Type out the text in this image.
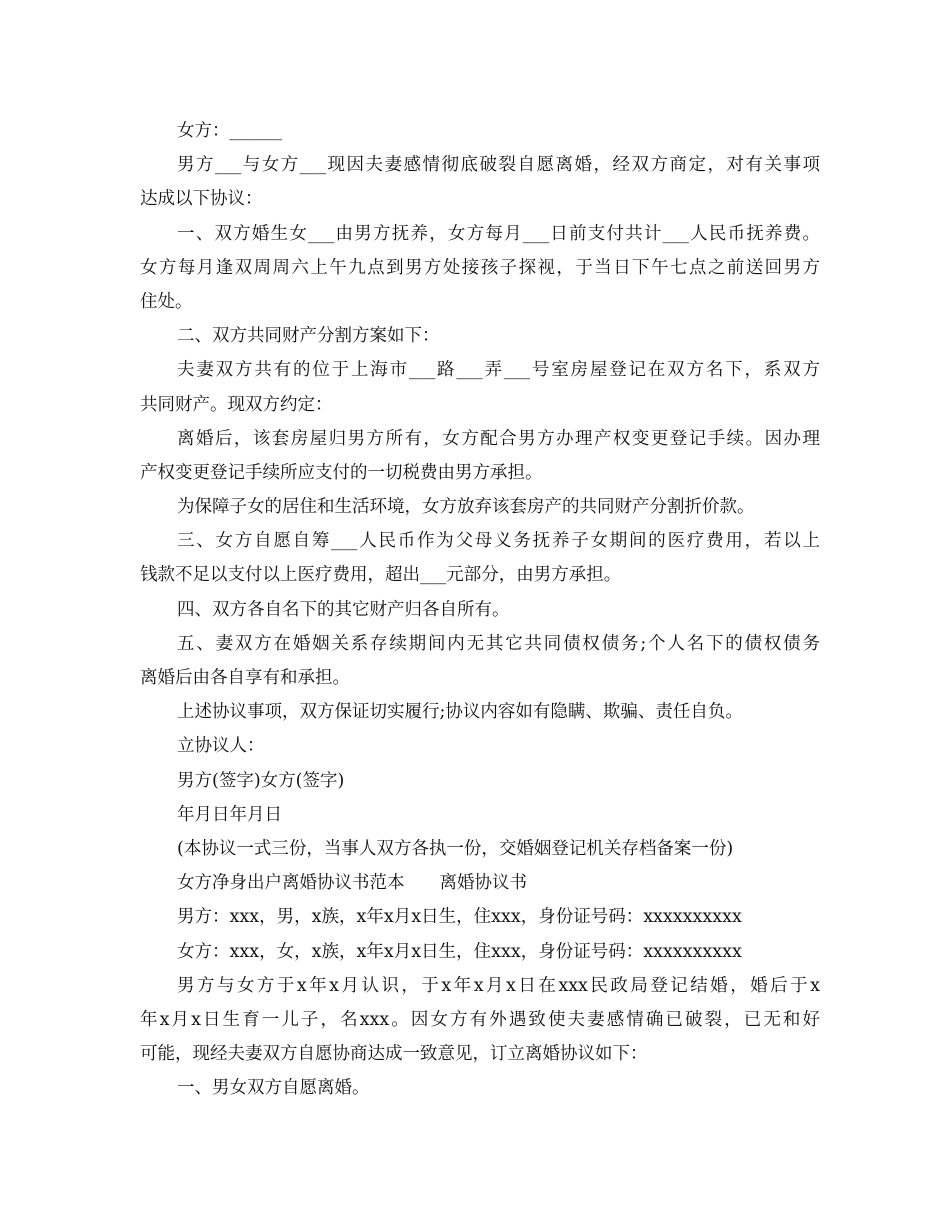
女方：______
男方___与女方___现因夫妻感情彻底破裂自愿离婚，经双方商定，对有关事项
达成以下协议：
一、双方婚生女___由男方抚养，女方每月___日前支付共计___人民币抚养费。
女方每月逢双周周六上午九点到男方处接孩子探视，于当日下午七点之前送回男方
住处。
二、双方共同财产分割方案如下：
夫妻双方共有的位于上海市___路___弄___号室房屋登记在双方名下，系双方
共同财产。现双方约定：
离婚后，该套房屋归男方所有，女方配合男方办理产权变更登记手续。因办理
产权变更登记手续所应支付的一切税费由男方承担。
为保障子女的居住和生活环境，女方放弃该套房产的共同财产分割折价款。
三、女方自愿自筹___人民币作为父母义务抚养子女期间的医疗费用，若以上
钱款不足以支付以上医疗费用，超出___元部分，由男方承担。
四、双方各自名下的其它财产归各自所有。
五、妻双方在婚姻关系存续期间内无其它共同债权债务;个人名下的债权债务
离婚后由各自享有和承担。
上述协议事项，双方保证切实履行;协议内容如有隐瞒、欺骗、责任自负。
立协议人：
男方(签字)女方(签字)
年月日年月日
(本协议一式三份，当事人双方各执一份，交婚姻登记机关存档备案一份)
女方净身出户离婚协议书范本　　离婚协议书
男方：xxx，男，x族，x年x月x日生，住xxx，身份证号码：xxxxxxxxxx
女方：xxx，女，x族，x年x月x日生，住xxx，身份证号码：xxxxxxxxxx
男方与女方于x年x月认识，于x年x月x日在xxx民政局登记结婚，婚后于x
年x月x日生育一儿子，名xxx。因女方有外遇致使夫妻感情确已破裂，已无和好
可能，现经夫妻双方自愿协商达成一致意见，订立离婚协议如下：
一、男女双方自愿离婚。
